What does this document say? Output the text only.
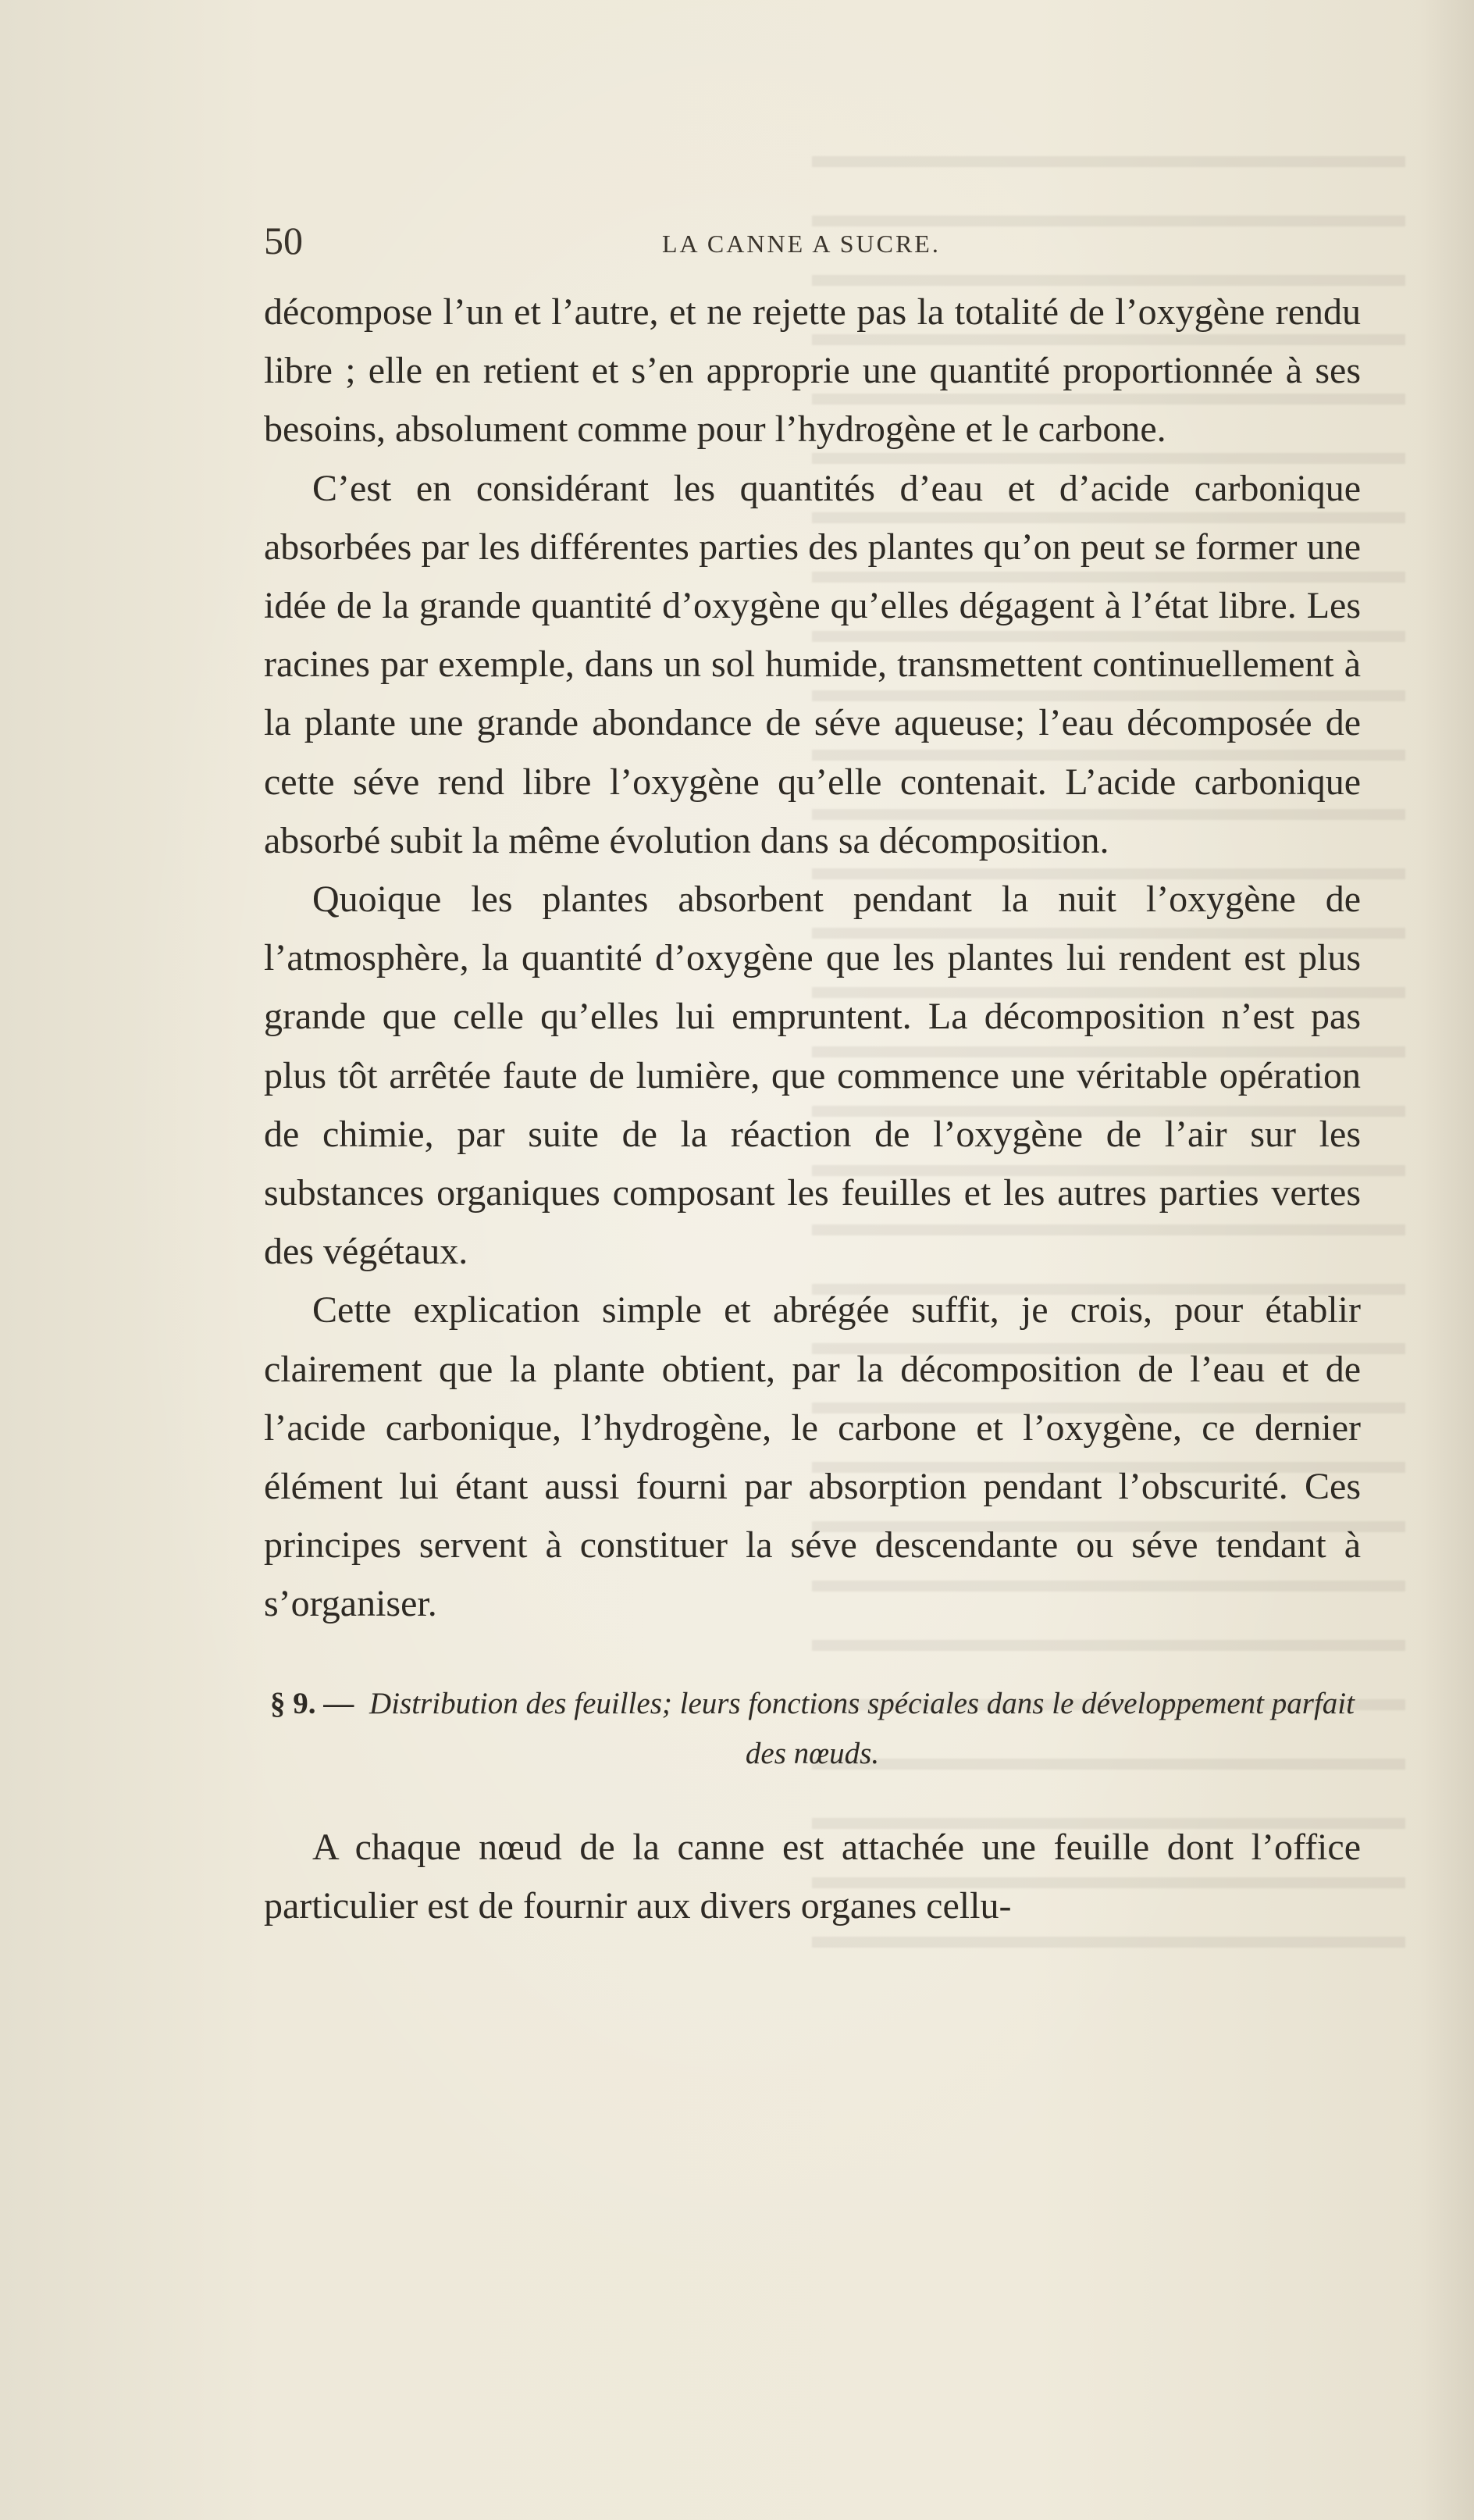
50	LA CANNE A SUCRE.

décompose l’un et l’autre, et ne rejette pas la totalité de l’oxygène rendu libre ; elle en retient et s’en approprie une quantité proportionnée à ses besoins, absolument comme pour l’hydrogène et le carbone.

C’est en considérant les quantités d’eau et d’acide carbonique absorbées par les différentes parties des plantes qu’on peut se former une idée de la grande quantité d’oxygène qu’elles dégagent à l’état libre. Les racines par exemple, dans un sol humide, transmettent continuellement à la plante une grande abondance de séve aqueuse; l’eau décomposée de cette séve rend libre l’oxygène qu’elle contenait. L’acide carbonique absorbé subit la même évolution dans sa décomposition.

Quoique les plantes absorbent pendant la nuit l’oxygène de l’atmosphère, la quantité d’oxygène que les plantes lui rendent est plus grande que celle qu’elles lui empruntent. La décomposition n’est pas plus tôt arrêtée faute de lumière, que commence une véritable opération de chimie, par suite de la réaction de l’oxygène de l’air sur les substances organiques composant les feuilles et les autres parties vertes des végétaux.

Cette explication simple et abrégée suffit, je crois, pour établir clairement que la plante obtient, par la décomposition de l’eau et de l’acide carbonique, l’hydrogène, le carbone et l’oxygène, ce dernier élément lui étant aussi fourni par absorption pendant l’obscurité. Ces principes servent à constituer la séve descendante ou séve tendant à s’organiser.

§ 9. — Distribution des feuilles; leurs fonctions spéciales dans le développement parfait des nœuds.

A chaque nœud de la canne est attachée une feuille dont l’office particulier est de fournir aux divers organes cellu-
